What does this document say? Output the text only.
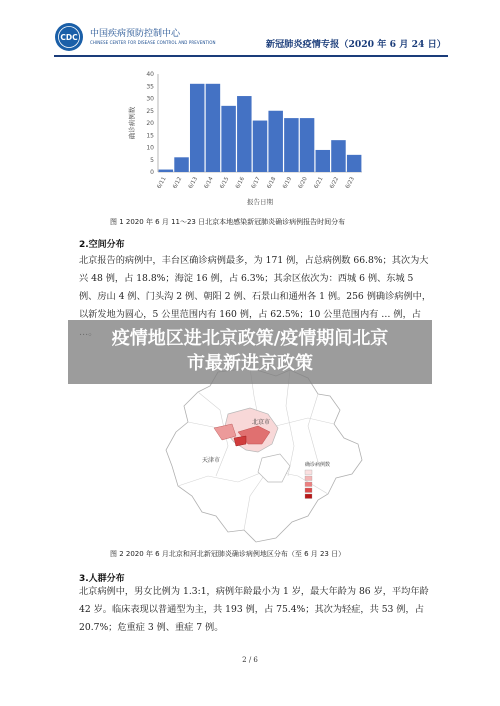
CDC 中国疾病预防控制中心
CHINESE CENTER FOR DISEASE CONTROL AND PREVENTION	新冠肺炎疫情专报（2020 年 6 月 24 日）
0
5
10
15
20
25
30
35
40
6/11 6/12 6/13 6/14 6/15 6/16 6/17 6/18 6/19 6/20 6/21 6/22 6/23
报告日期
确诊病例数
图 1 2020 年 6 月 11～23 日北京本地感染新冠肺炎确诊病例报告时间分布
2.空间分布
北京报告的病例中，丰台区确诊病例最多，为 171 例，占总病例数 66.8%；其次为大兴 48 例，占 18.8%；海淀 16 例，占 6.3%；其余区依次为：西城 6 例、东城 5 例、房山 4 例、门头沟 2 例、朝阳 2 例、石景山和通州各 1 例。256 例确诊病例中，以新发地为圆心，5 公里范围内有 160 例，占 62.5%；10 公里范围内有 … 例，占
北京市
天津市
确诊病例数
图 2 2020 年 6 月北京和河北新冠肺炎确诊病例地区分布（至 6 月 23 日）
3.人群分布
北京病例中，男女比例为 1.3:1，病例年龄最小为 1 岁，最大年龄为 86 岁，平均年龄 42 岁。临床表现以普通型为主，共 193 例，占 75.4%；其次为轻症，共 53 例，占 20.7%；危重症 3 例、重症 7 例。
疫情地区进北京政策/疫情期间北京
市最新进京政策
2 / 6
